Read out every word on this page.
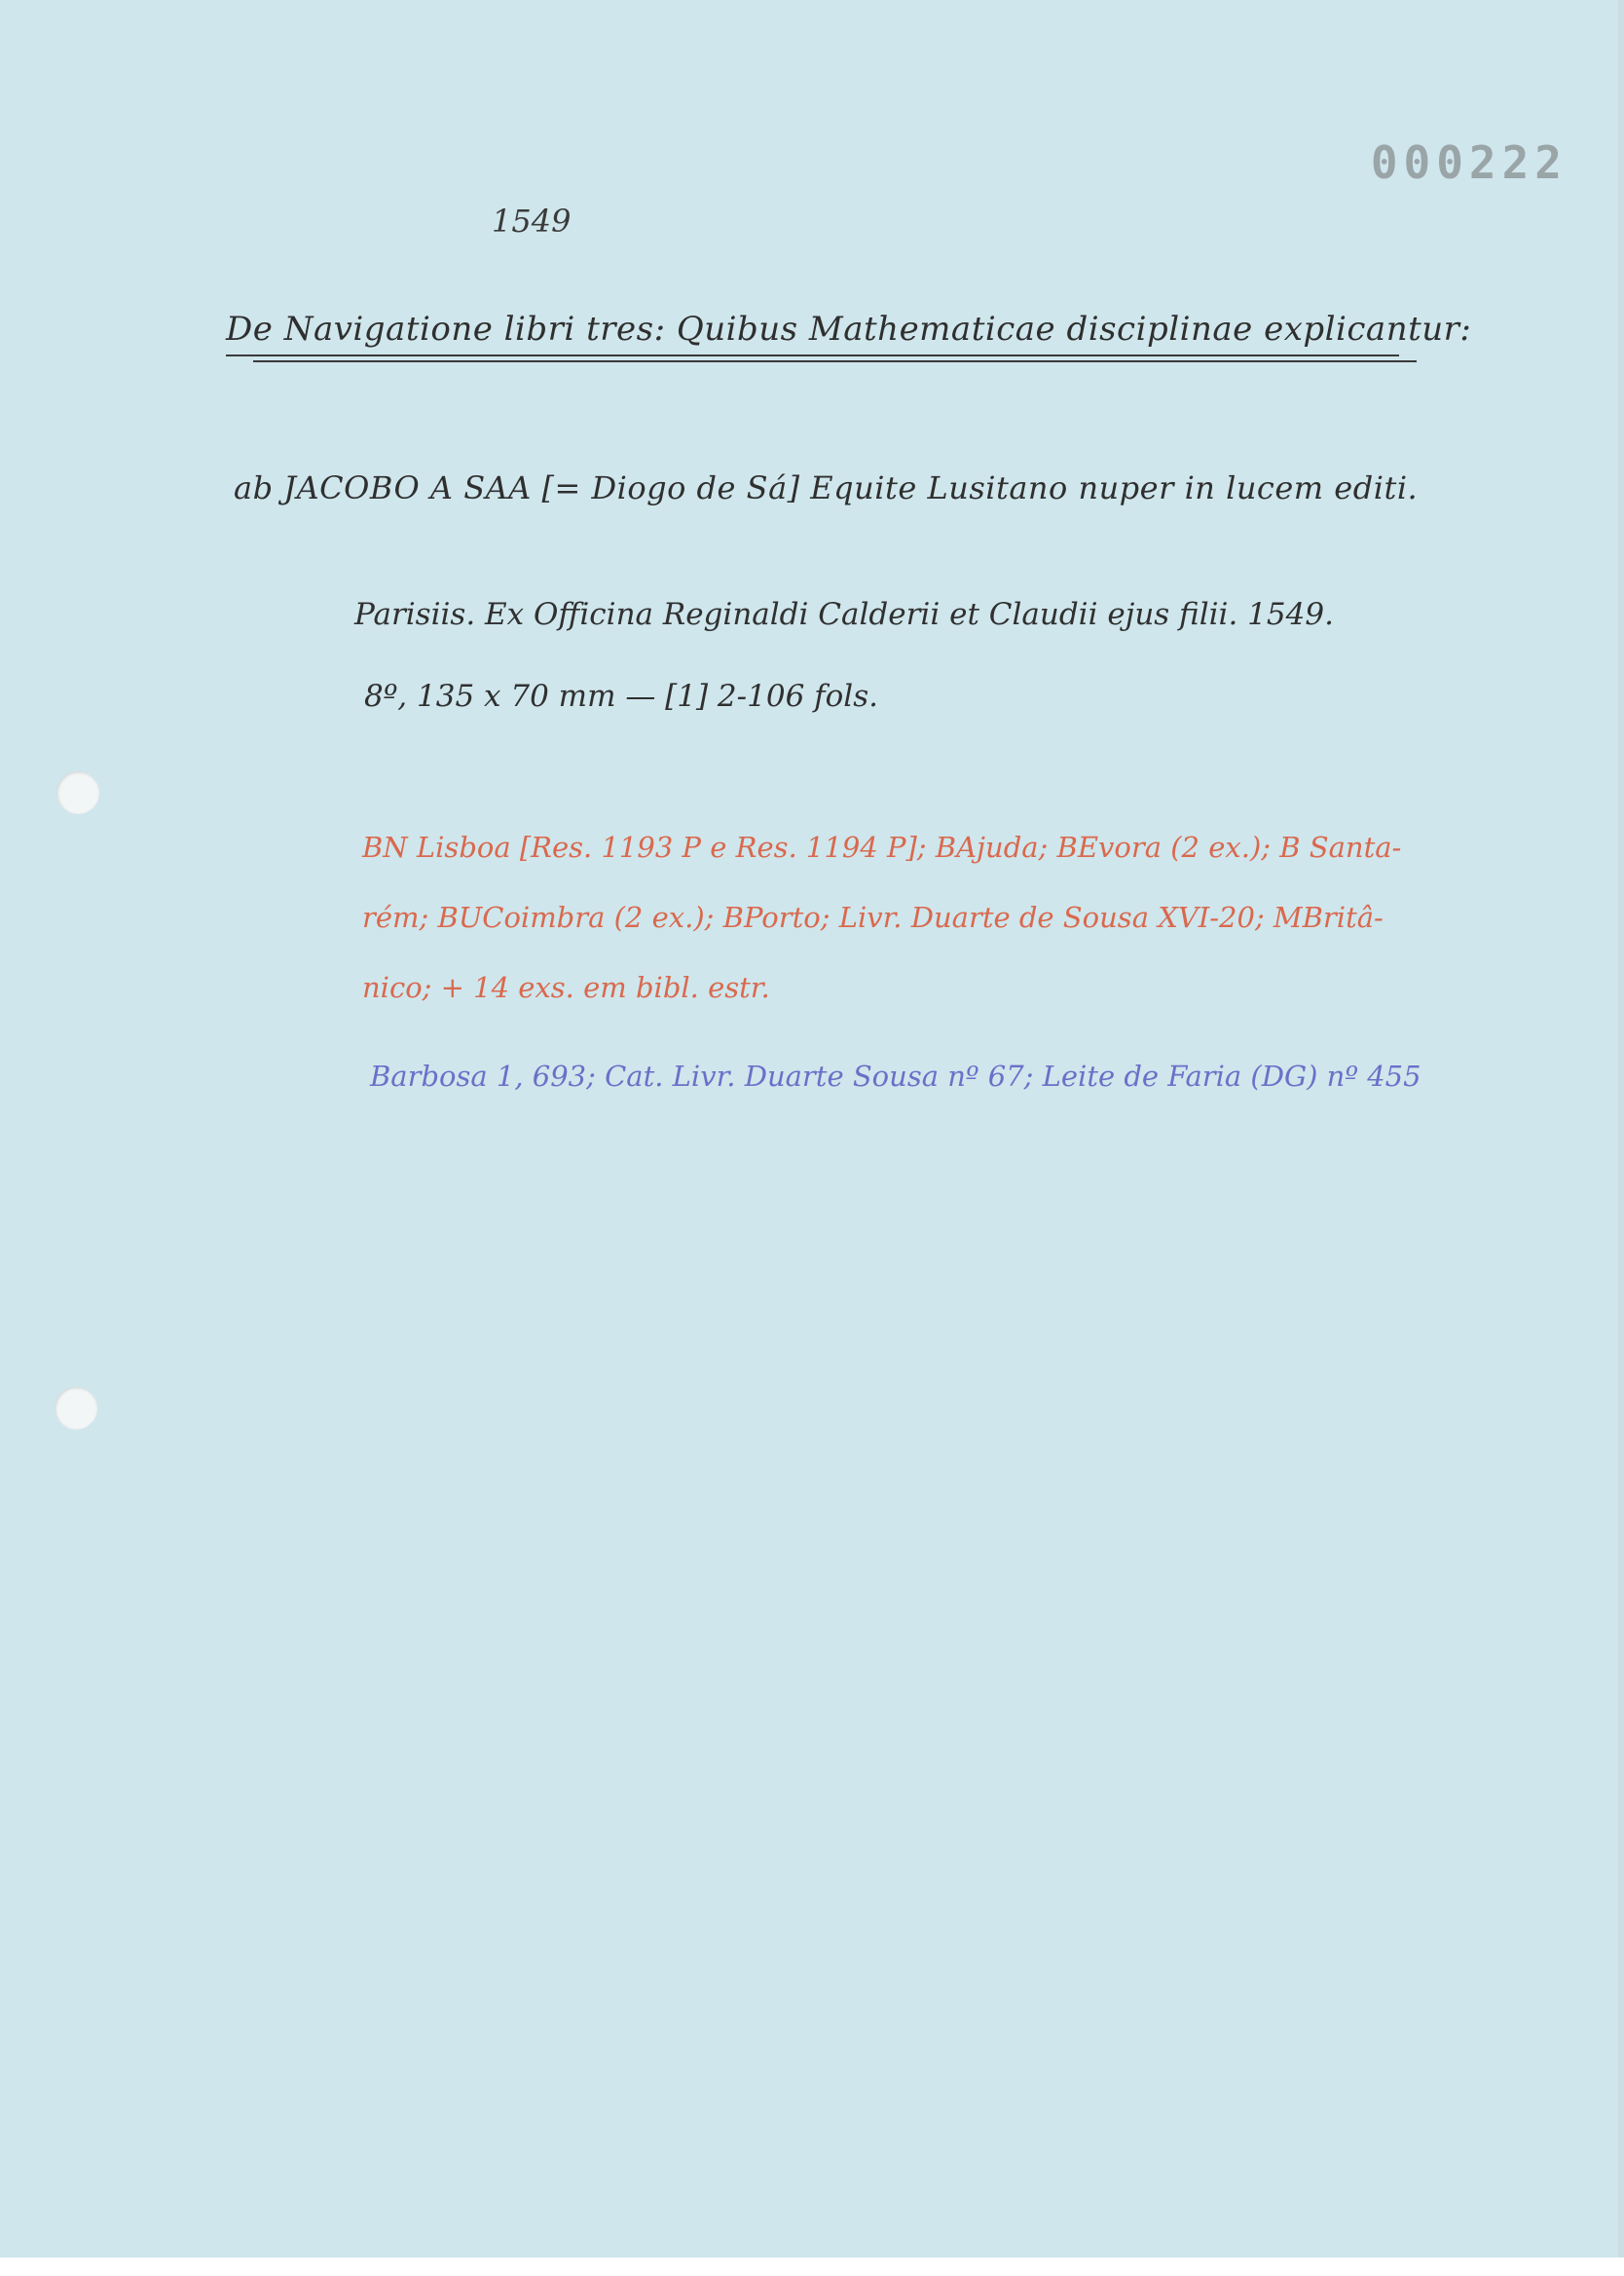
000222
1549
De Navigatione libri tres: Quibus Mathematicae disciplinae explicantur:
ab JACOBO A SAA [= Diogo de Sá] Equite Lusitano nuper in lucem editi.
Parisiis. Ex Officina Reginaldi Calderii et Claudii ejus filii. 1549.
8º, 135 x 70 mm — [1] 2-106 fols.
BN Lisboa [Res. 1193 P e Res. 1194 P]; BAjuda; BEvora (2 ex.); B Santa-
rém; BUCoimbra (2 ex.); BPorto; Livr. Duarte de Sousa XVI-20; MBritâ-
nico; + 14 exs. em bibl. estr.
Barbosa 1, 693; Cat. Livr. Duarte Sousa nº 67; Leite de Faria (DG) nº 455
